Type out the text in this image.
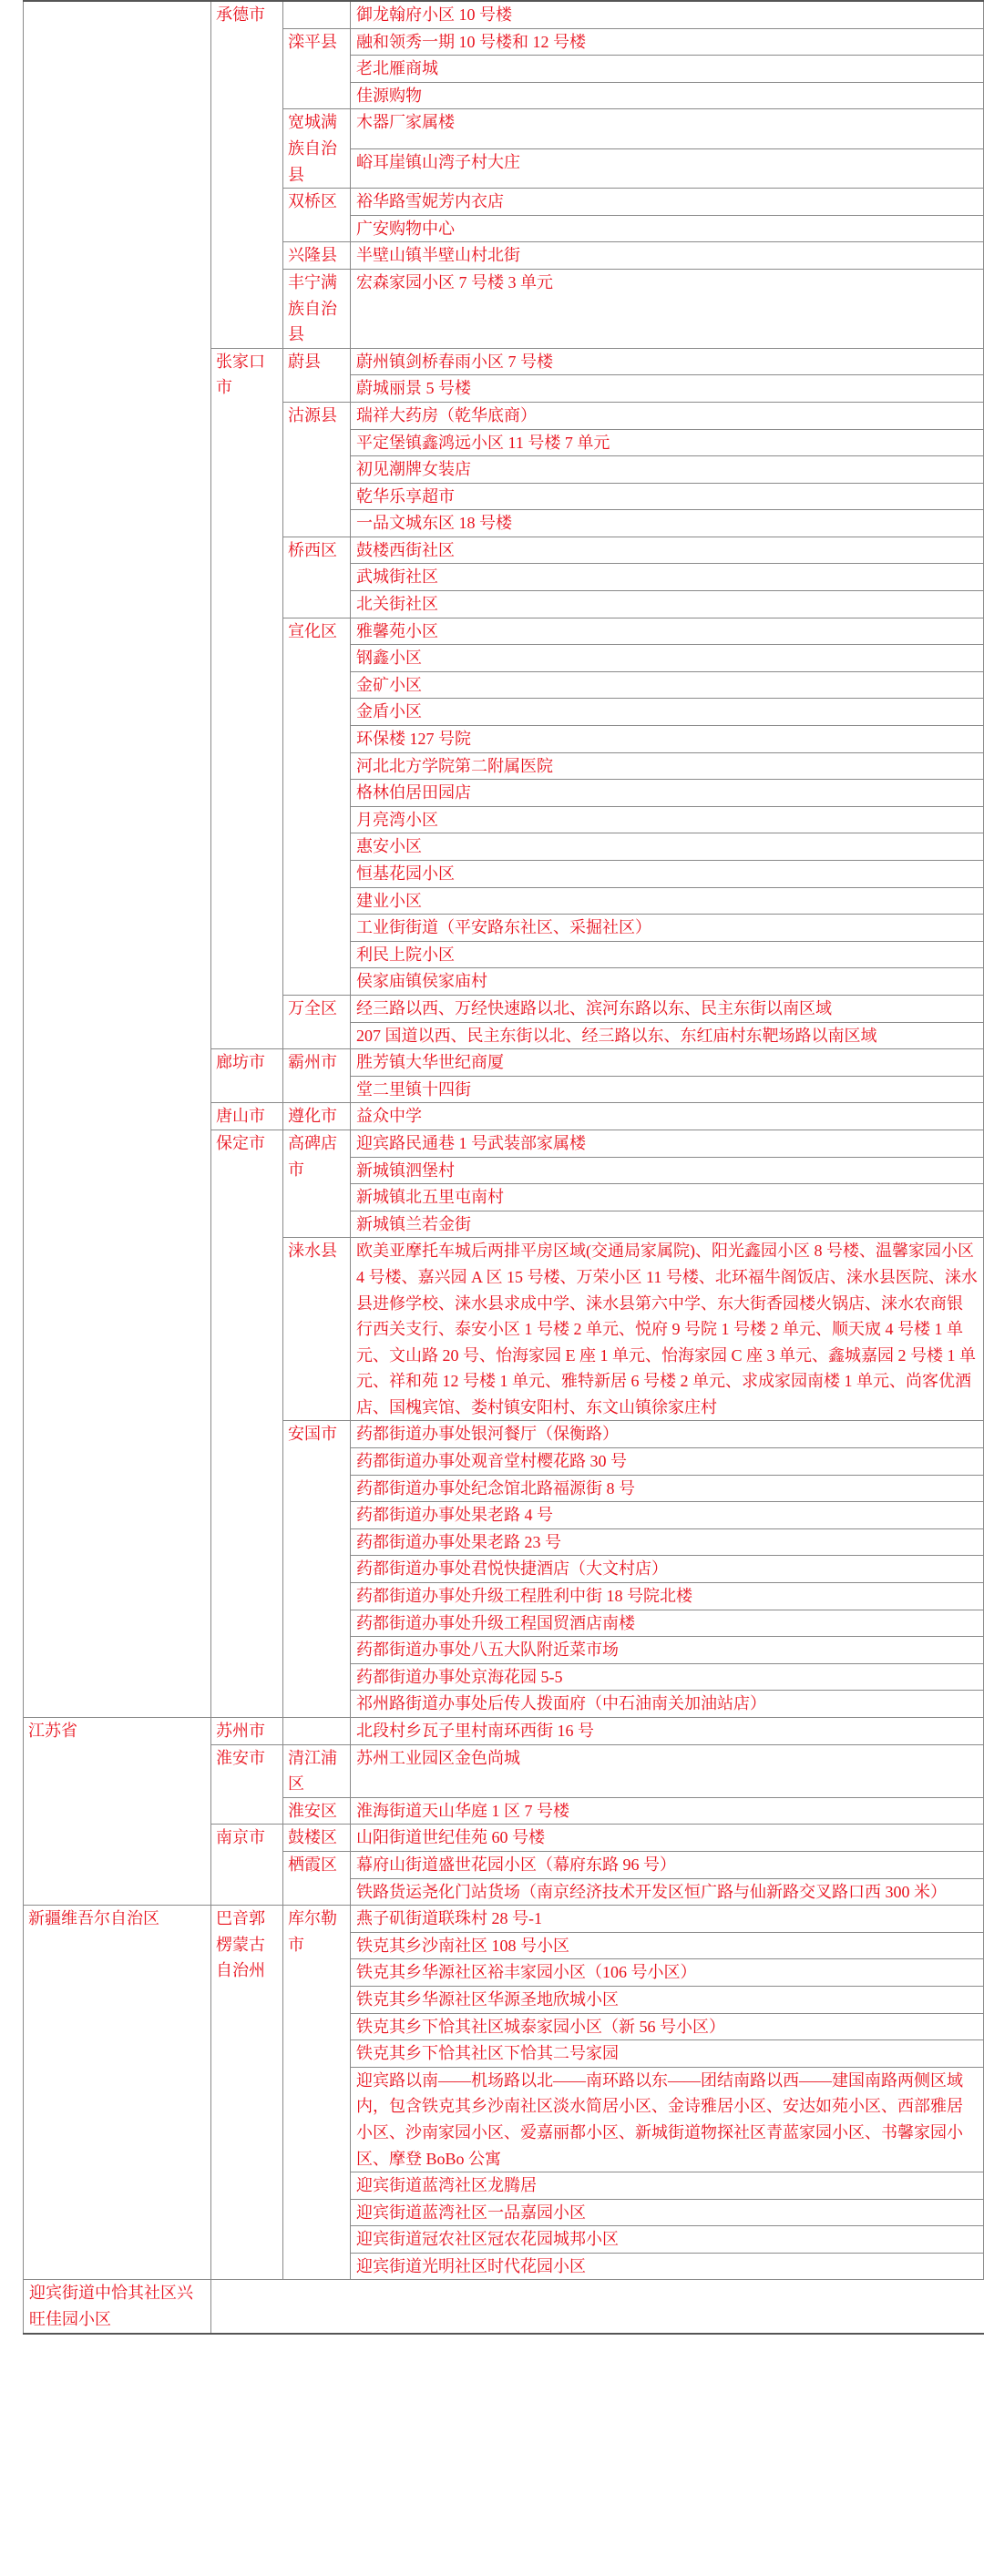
	承德市		御龙翰府小区 10 号楼
		滦平县	融和领秀一期 10 号楼和 12 号楼
			老北雁商城
			佳源购物
		宽城满族自治县	木器厂家属楼
			峪耳崖镇山湾子村大庄
		双桥区	裕华路雪妮芳内衣店
			广安购物中心
		兴隆县	半壁山镇半壁山村北街
		丰宁满族自治县	宏森家园小区 7 号楼 3 单元
	张家口市	蔚县	蔚州镇剑桥春雨小区 7 号楼
			蔚城丽景 5 号楼
		沽源县	瑞祥大药房（乾华底商）
			平定堡镇鑫鸿远小区 11 号楼 7 单元
			初见潮牌女装店
			乾华乐享超市
			一品文城东区 18 号楼
		桥西区	鼓楼西街社区
			武城街社区
			北关街社区
		宣化区	雅馨苑小区
			钢鑫小区
			金矿小区
			金盾小区
			环保楼 127 号院
			河北北方学院第二附属医院
			格林伯居田园店
			月亮湾小区
			惠安小区
			恒基花园小区
			建业小区
			工业街街道（平安路东社区、采掘社区）
			利民上院小区
			侯家庙镇侯家庙村
		万全区	经三路以西、万经快速路以北、滨河东路以东、民主东街以南区域
			207 国道以西、民主东街以北、经三路以东、东红庙村东靶场路以南区域
	廊坊市	霸州市	胜芳镇大华世纪商厦
			堂二里镇十四街
	唐山市	遵化市	益众中学
	保定市	高碑店市	迎宾路民通巷 1 号武装部家属楼
			新城镇泗堡村
			新城镇北五里屯南村
			新城镇兰若金街
		涞水县	欧美亚摩托车城后两排平房区域(交通局家属院)、阳光鑫园小区 8 号楼、温馨家园小区 4 号楼、嘉兴园 A 区 15 号楼、万荣小区 11 号楼、北环福牛阁饭店、涞水县医院、涞水县进修学校、涞水县求成中学、涞水县第六中学、东大街香园楼火锅店、涞水农商银行西关支行、泰安小区 1 号楼 2 单元、悦府 9 号院 1 号楼 2 单元、顺天宬 4 号楼 1 单元、文山路 20 号、怡海家园 E 座 1 单元、怡海家园 C 座 3 单元、鑫城嘉园 2 号楼 1 单元、祥和苑 12 号楼 1 单元、雅特新居 6 号楼 2 单元、求成家园南楼 1 单元、尚客优酒店、国槐宾馆、娄村镇安阳村、东文山镇徐家庄村
		安国市	药都街道办事处银河餐厅（保衡路）
			药都街道办事处观音堂村樱花路 30 号
			药都街道办事处纪念馆北路福源街 8 号
			药都街道办事处果老路 4 号
			药都街道办事处果老路 23 号
			药都街道办事处君悦快捷酒店（大文村店）
			药都街道办事处升级工程胜利中街 18 号院北楼
			药都街道办事处升级工程国贸酒店南楼
			药都街道办事处八五大队附近菜市场
			药都街道办事处京海花园 5-5
			祁州路街道办事处后传人拨面府（中石油南关加油站店）
江苏省	苏州市		北段村乡瓦子里村南环西街 16 号
	淮安市	清江浦区	苏州工业园区金色尚城
		淮安区	淮海街道天山华庭 1 区 7 号楼
	南京市	鼓楼区	山阳街道世纪佳苑 60 号楼
		栖霞区	幕府山街道盛世花园小区（幕府东路 96 号）
			铁路货运尧化门站货场（南京经济技术开发区恒广路与仙新路交叉路口西 300 米）
新疆维吾尔自治区	巴音郭楞蒙古自治州	库尔勒市	燕子矶街道联珠村 28 号-1
			铁克其乡沙南社区 108 号小区
			铁克其乡华源社区裕丰家园小区（106 号小区）
			铁克其乡华源社区华源圣地欣城小区
			铁克其乡下恰其社区城泰家园小区（新 56 号小区）
			铁克其乡下恰其社区下恰其二号家园
			迎宾路以南——机场路以北——南环路以东——团结南路以西——建国南路两侧区域内，包含铁克其乡沙南社区淡水简居小区、金诗雅居小区、安达如苑小区、西部雅居小区、沙南家园小区、爱嘉丽都小区、新城街道物探社区青蓝家园小区、书馨家园小区、摩登 BoBo 公寓
			迎宾街道蓝湾社区龙腾居
			迎宾街道蓝湾社区一品嘉园小区
			迎宾街道冠农社区冠农花园城邦小区
			迎宾街道光明社区时代花园小区
迎宾街道中恰其社区兴旺佳园小区			
